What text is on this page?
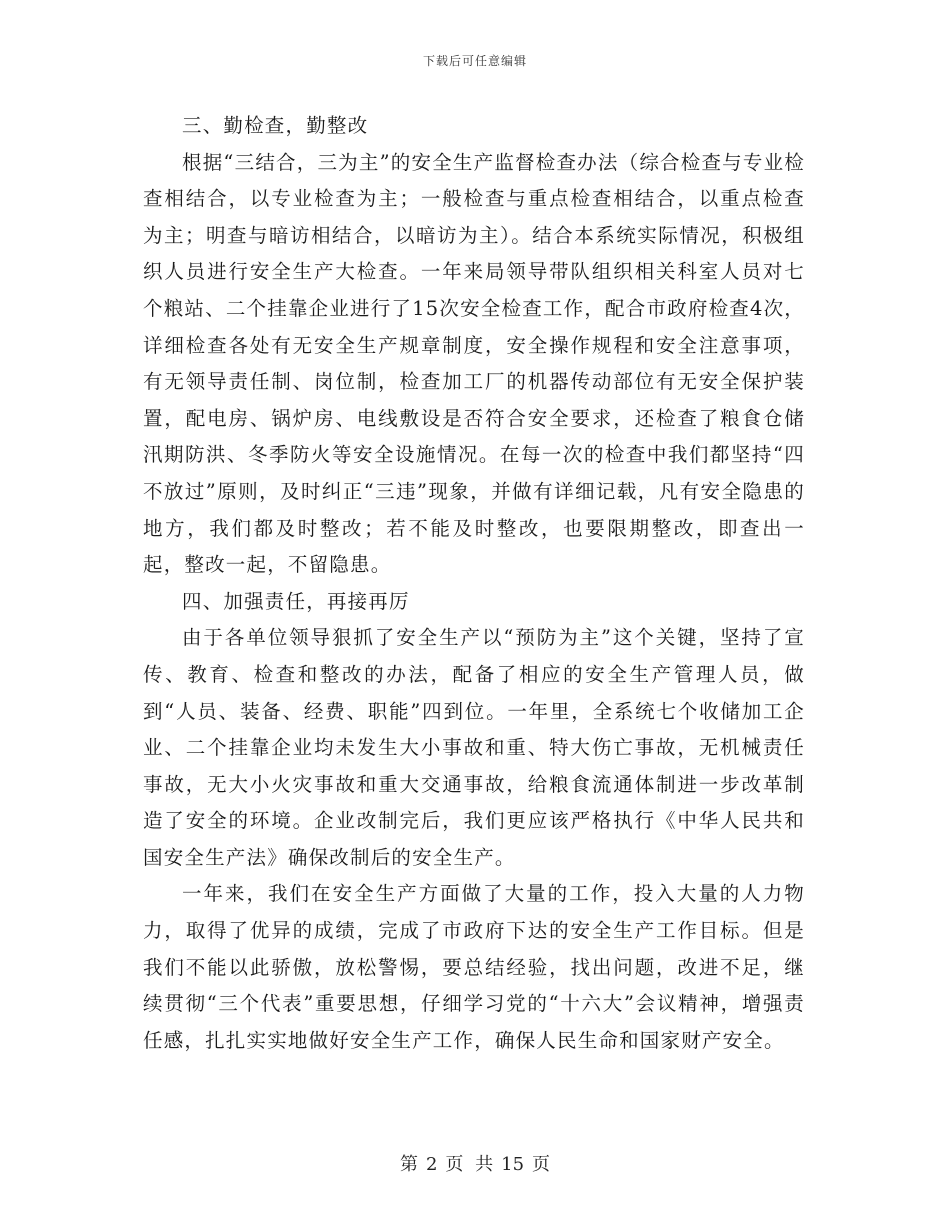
下载后可任意编辑

三、勤检查，勤整改

根据“三结合，三为主”的安全生产监督检查办法（综合检查与专业检查相结合，以专业检查为主；一般检查与重点检查相结合，以重点检查为主；明查与暗访相结合，以暗访为主）。结合本系统实际情况，积极组织人员进行安全生产大检查。一年来局领导带队组织相关科室人员对七个粮站、二个挂靠企业进行了15次安全检查工作，配合市政府检查4次，详细检查各处有无安全生产规章制度，安全操作规程和安全注意事项，有无领导责任制、岗位制，检查加工厂的机器传动部位有无安全保护装置，配电房、锅炉房、电线敷设是否符合安全要求，还检查了粮食仓储汛期防洪、冬季防火等安全设施情况。在每一次的检查中我们都坚持“四不放过”原则，及时纠正“三违”现象，并做有详细记载，凡有安全隐患的地方，我们都及时整改；若不能及时整改，也要限期整改，即查出一起，整改一起，不留隐患。

四、加强责任，再接再厉

由于各单位领导狠抓了安全生产以“预防为主”这个关键，坚持了宣传、教育、检查和整改的办法，配备了相应的安全生产管理人员，做到“人员、装备、经费、职能”四到位。一年里，全系统七个收储加工企业、二个挂靠企业均未发生大小事故和重、特大伤亡事故，无机械责任事故，无大小火灾事故和重大交通事故，给粮食流通体制进一步改革制造了安全的环境。企业改制完后，我们更应该严格执行《中华人民共和国安全生产法》确保改制后的安全生产。

一年来，我们在安全生产方面做了大量的工作，投入大量的人力物力，取得了优异的成绩，完成了市政府下达的安全生产工作目标。但是我们不能以此骄傲，放松警惕，要总结经验，找出问题，改进不足，继续贯彻“三个代表”重要思想，仔细学习党的“十六大”会议精神，增强责任感，扎扎实实地做好安全生产工作，确保人民生命和国家财产安全。

第 2 页 共 15 页
